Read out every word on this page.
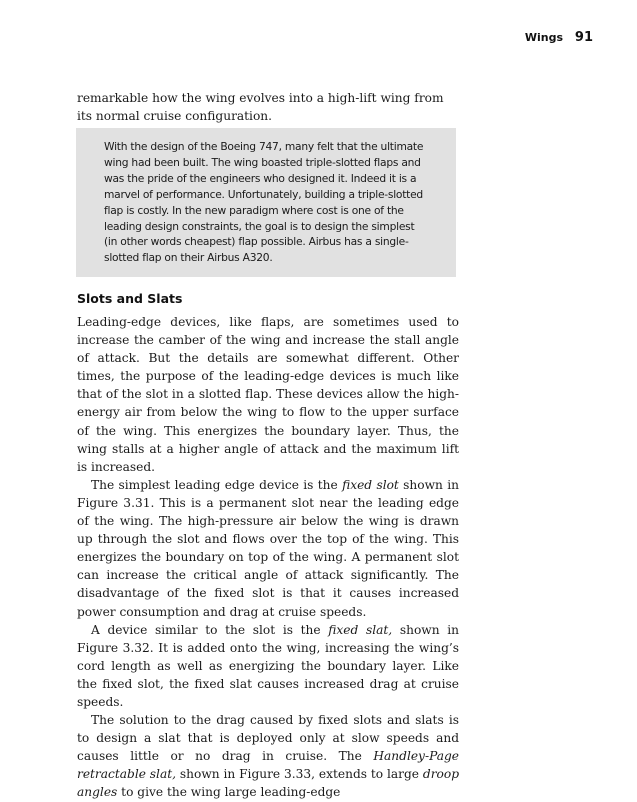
Wings 91

remarkable how the wing evolves into a high-lift wing from its normal cruise configuration.

With the design of the Boeing 747, many felt that the ultimate wing had been built. The wing boasted triple-slotted flaps and was the pride of the engineers who designed it. Indeed it is a marvel of performance. Unfortunately, building a triple-slotted flap is costly. In the new paradigm where cost is one of the leading design constraints, the goal is to design the simplest (in other words cheapest) flap possible. Airbus has a single-slotted flap on their Airbus A320.

Slots and Slats

Leading-edge devices, like flaps, are sometimes used to increase the camber of the wing and increase the stall angle of attack. But the details are somewhat different. Other times, the purpose of the leading-edge devices is much like that of the slot in a slotted flap. These devices allow the high-energy air from below the wing to flow to the upper surface of the wing. This energizes the boundary layer. Thus, the wing stalls at a higher angle of attack and the maximum lift is increased.

The simplest leading edge device is the fixed slot shown in Figure 3.31. This is a permanent slot near the leading edge of the wing. The high-pressure air below the wing is drawn up through the slot and flows over the top of the wing. This energizes the boundary on top of the wing. A permanent slot can increase the critical angle of attack significantly. The disadvantage of the fixed slot is that it causes increased power consumption and drag at cruise speeds.

A device similar to the slot is the fixed slat, shown in Figure 3.32. It is added onto the wing, increasing the wing’s cord length as well as energizing the boundary layer. Like the fixed slot, the fixed slat causes increased drag at cruise speeds.

The solution to the drag caused by fixed slots and slats is to design a slat that is deployed only at slow speeds and causes little or no drag in cruise. The Handley-Page retractable slat, shown in Figure 3.33, extends to large droop angles to give the wing large leading-edge
